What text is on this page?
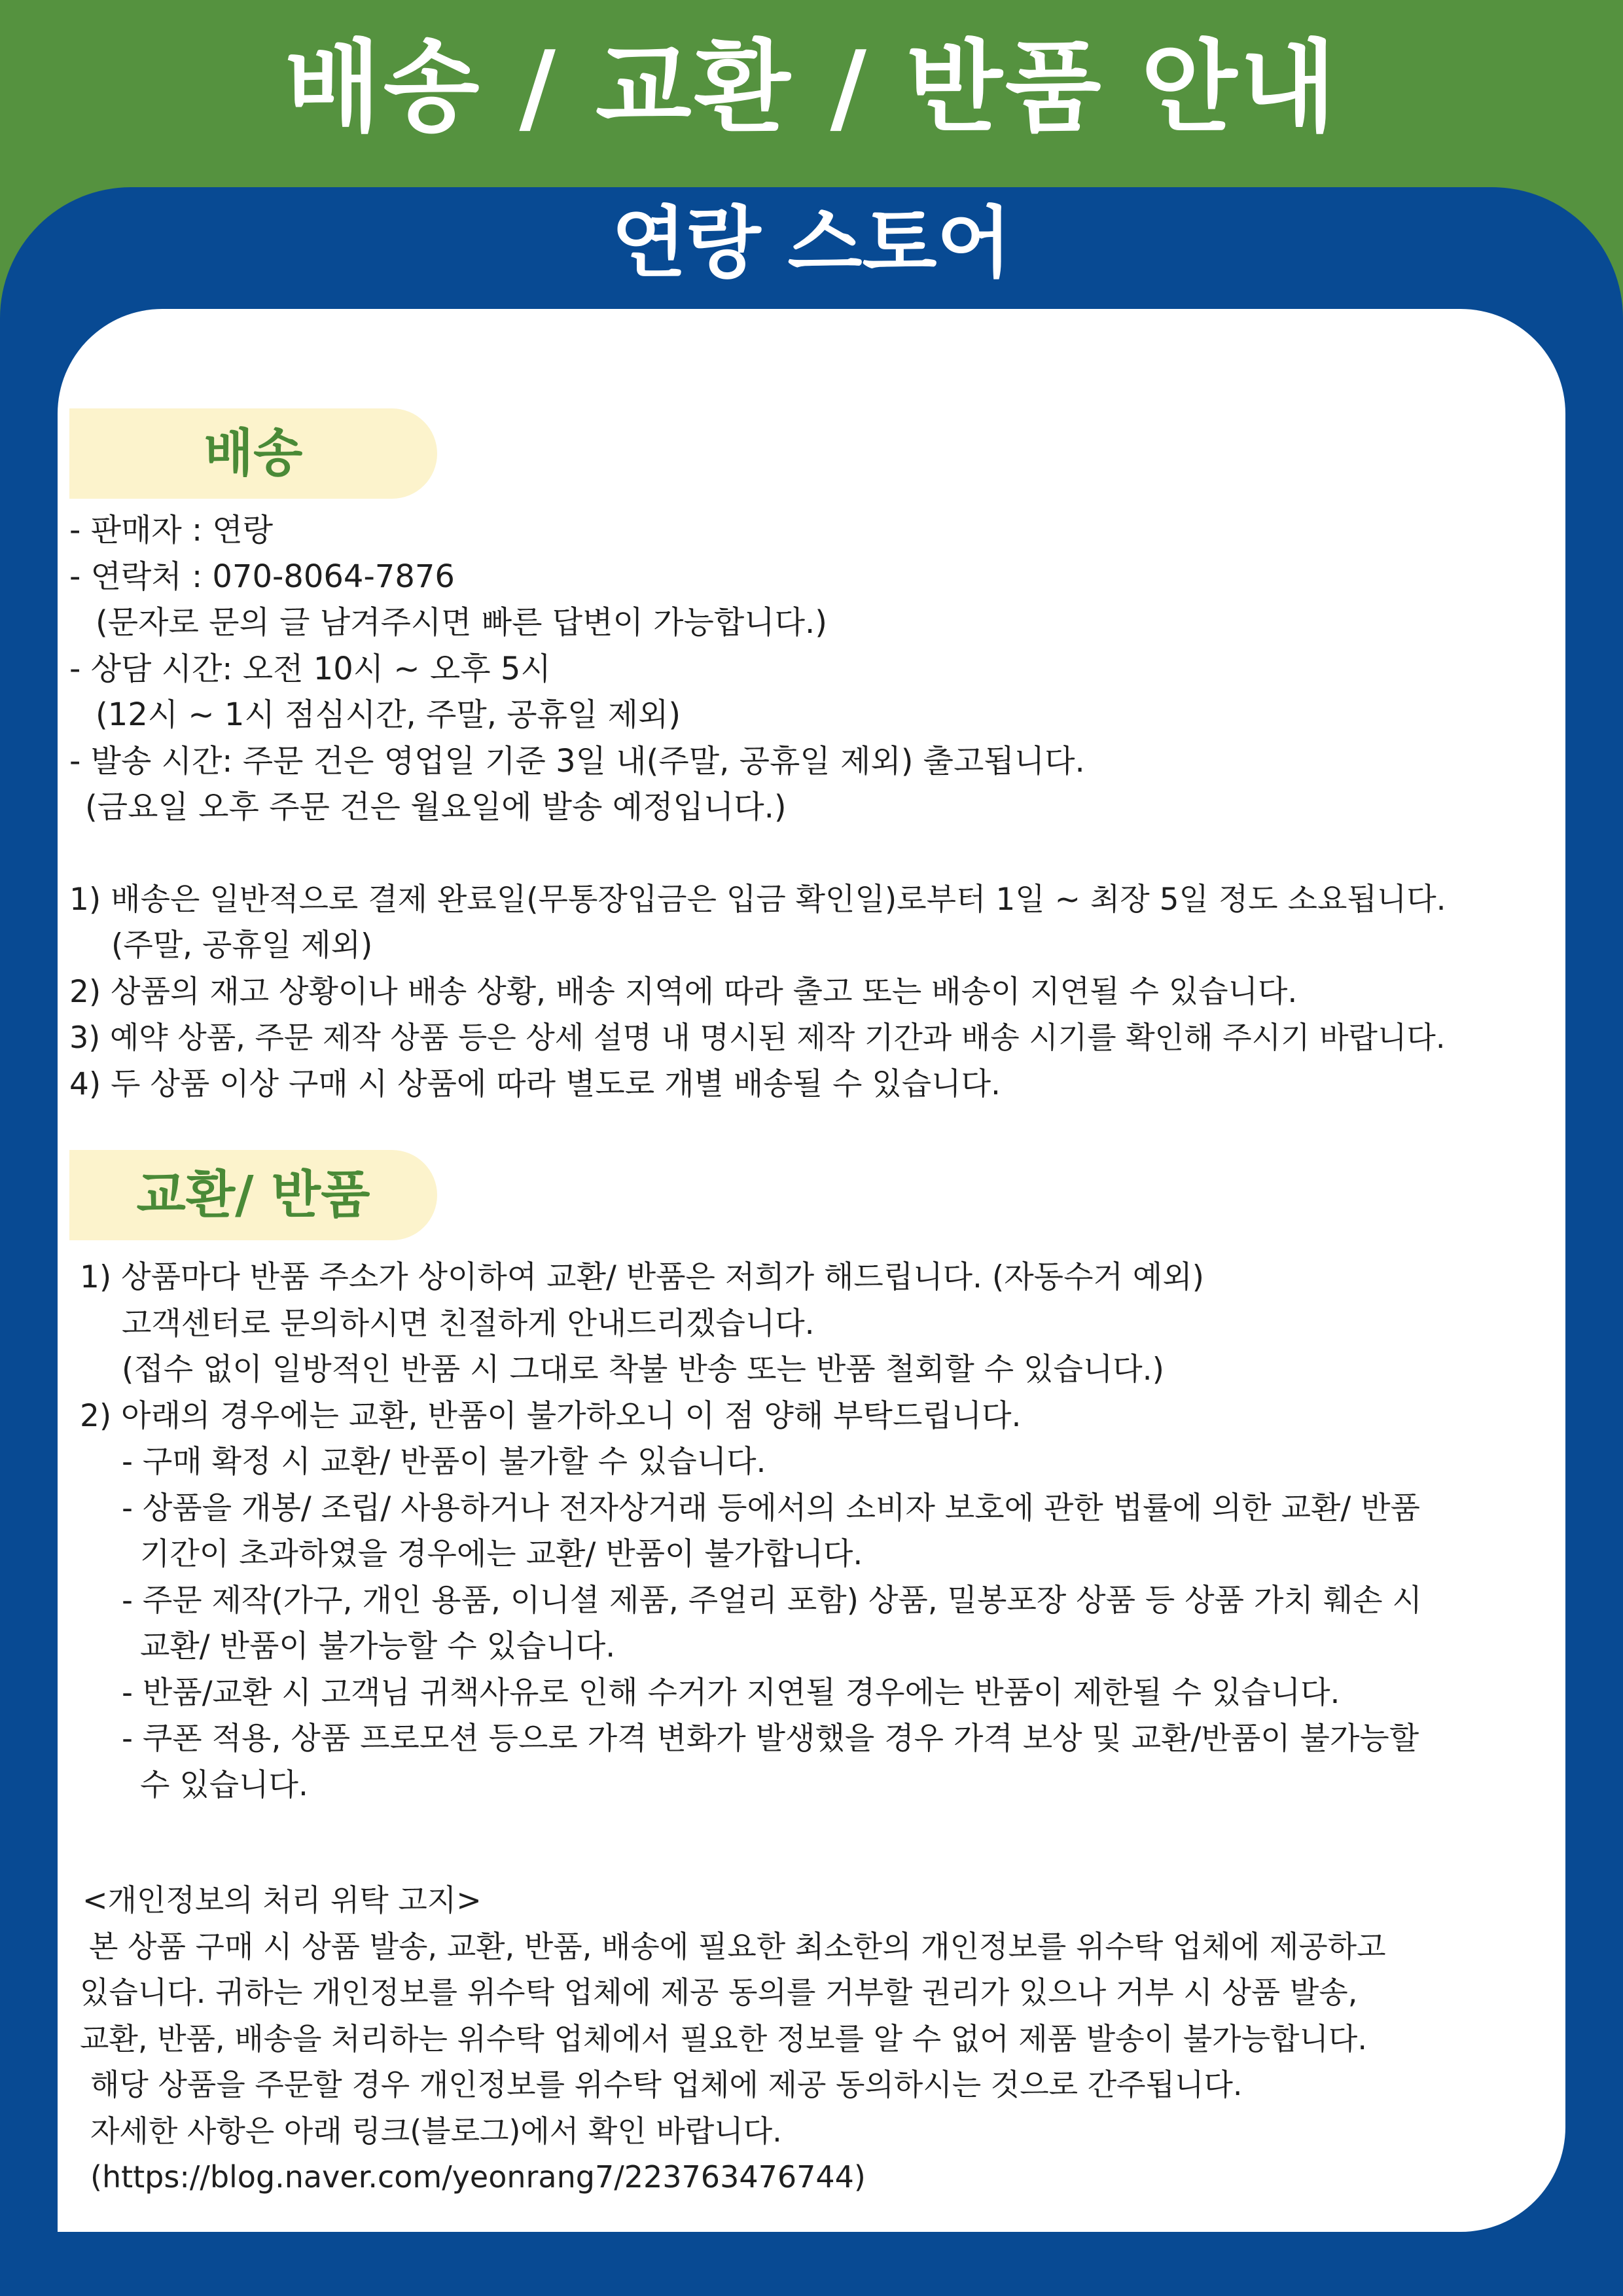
배송 / 교환 / 반품 안내
연랑 스토어
배송
- 판매자 : 연랑
- 연락처 : 070-8064-7876
(문자로 문의 글 남겨주시면 빠른 답변이 가능합니다.)
- 상담 시간: 오전 10시 ~ 오후 5시
(12시 ~ 1시 점심시간, 주말, 공휴일 제외)
- 발송 시간: 주문 건은 영업일 기준 3일 내(주말, 공휴일 제외) 출고됩니다.
(금요일 오후 주문 건은 월요일에 발송 예정입니다.)
1) 배송은 일반적으로 결제 완료일(무통장입금은 입금 확인일)로부터 1일 ~ 최장 5일 정도 소요됩니다.
(주말, 공휴일 제외)
2) 상품의 재고 상황이나 배송 상황, 배송 지역에 따라 출고 또는 배송이 지연될 수 있습니다.
3) 예약 상품, 주문 제작 상품 등은 상세 설명 내 명시된 제작 기간과 배송 시기를 확인해 주시기 바랍니다.
4) 두 상품 이상 구매 시 상품에 따라 별도로 개별 배송될 수 있습니다.
교환/ 반품
1) 상품마다 반품 주소가 상이하여 교환/ 반품은 저희가 해드립니다. (자동수거 예외)
고객센터로 문의하시면 친절하게 안내드리겠습니다.
(접수 없이 일방적인 반품 시 그대로 착불 반송 또는 반품 철회할 수 있습니다.)
2) 아래의 경우에는 교환, 반품이 불가하오니 이 점 양해 부탁드립니다.
- 구매 확정 시 교환/ 반품이 불가할 수 있습니다.
- 상품을 개봉/ 조립/ 사용하거나 전자상거래 등에서의 소비자 보호에 관한 법률에 의한 교환/ 반품
기간이 초과하였을 경우에는 교환/ 반품이 불가합니다.
- 주문 제작(가구, 개인 용품, 이니셜 제품, 주얼리 포함) 상품, 밀봉포장 상품 등 상품 가치 훼손 시
교환/ 반품이 불가능할 수 있습니다.
- 반품/교환 시 고객님 귀책사유로 인해 수거가 지연될 경우에는 반품이 제한될 수 있습니다.
- 쿠폰 적용, 상품 프로모션 등으로 가격 변화가 발생했을 경우 가격 보상 및 교환/반품이 불가능할
수 있습니다.
<개인정보의 처리 위탁 고지>
본 상품 구매 시 상품 발송, 교환, 반품, 배송에 필요한 최소한의 개인정보를 위수탁 업체에 제공하고
있습니다. 귀하는 개인정보를 위수탁 업체에 제공 동의를 거부할 권리가 있으나 거부 시 상품 발송,
교환, 반품, 배송을 처리하는 위수탁 업체에서 필요한 정보를 알 수 없어 제품 발송이 불가능합니다.
해당 상품을 주문할 경우 개인정보를 위수탁 업체에 제공 동의하시는 것으로 간주됩니다.
자세한 사항은 아래 링크(블로그)에서 확인 바랍니다.
(https://blog.naver.com/yeonrang7/223763476744)
